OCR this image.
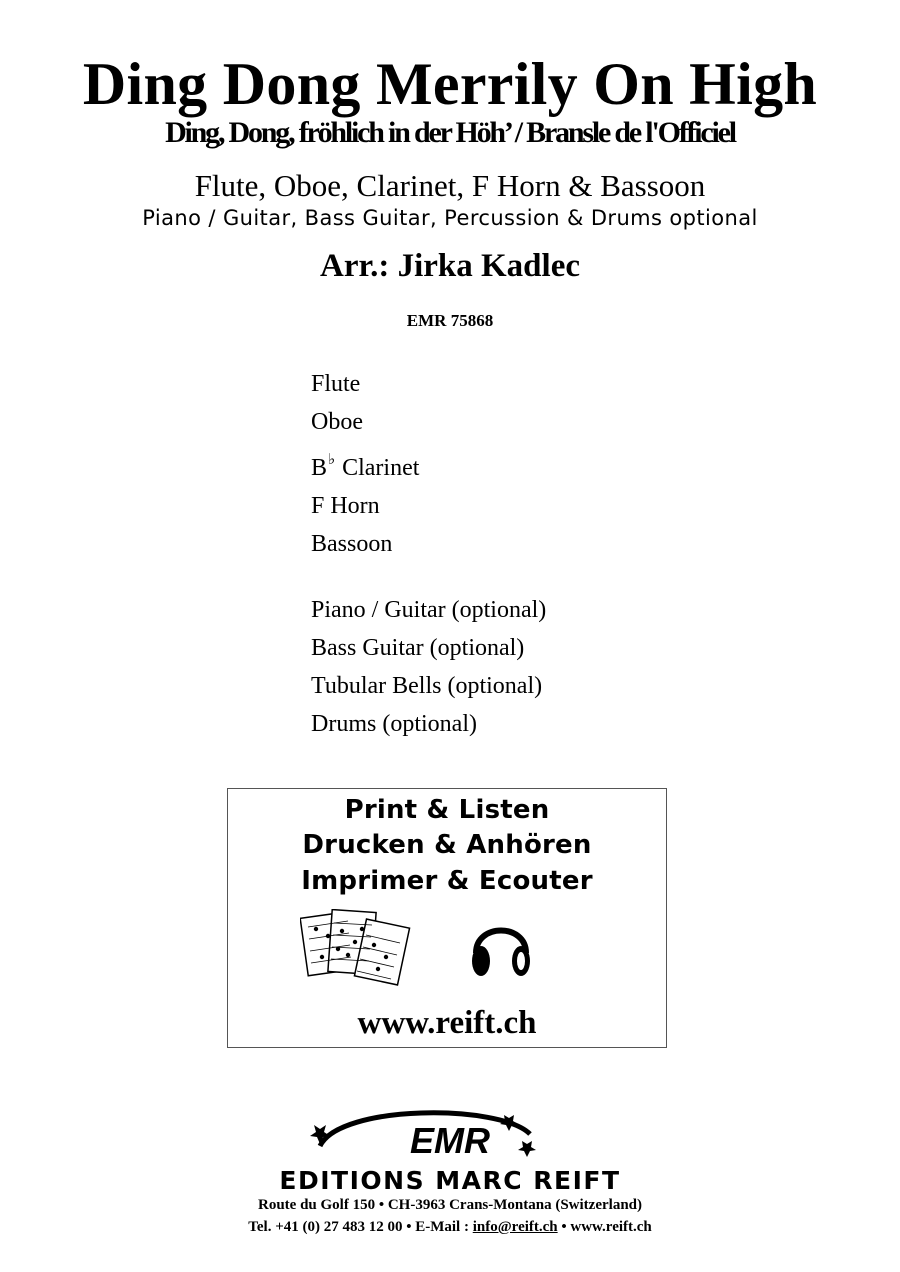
Ding Dong Merrily On High
Ding, Dong, fröhlich in der Höh’ / Bransle de l'Officiel
Flute, Oboe, Clarinet, F Horn & Bassoon
Piano / Guitar, Bass Guitar, Percussion & Drums optional
Arr.: Jirka Kadlec
EMR 75868
Flute
Oboe
B♭ Clarinet
F Horn
Bassoon
Piano / Guitar (optional)
Bass Guitar (optional)
Tubular Bells (optional)
Drums (optional)
Print & Listen
Drucken & Anhören
Imprimer & Ecouter
www.reift.ch
EMR
EDITIONS MARC REIFT
Route du Golf 150 • CH-3963 Crans-Montana (Switzerland)
Tel. +41 (0) 27 483 12 00 • E-Mail : info@reift.ch • www.reift.ch
